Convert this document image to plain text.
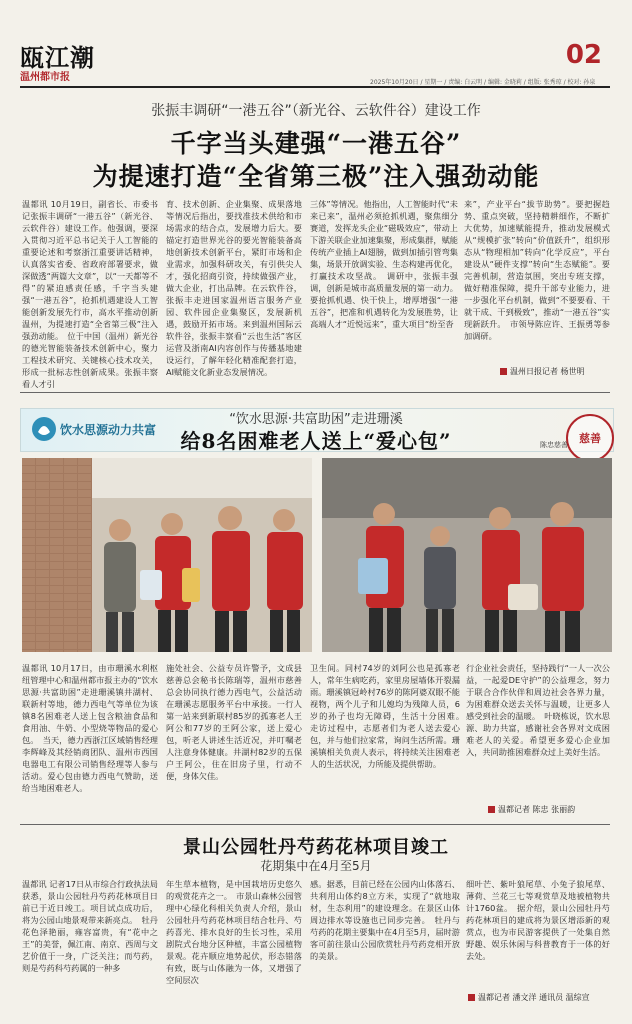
瓯江潮
温州都市报
02
2025年10月20日 / 星期一 / 责编: 白云明 / 编辑: 金晓莉 / 组版: 张秀琼 / 校对: 孙泉
张振丰调研“一港五谷”（新光谷、云软件谷）建设工作
千字当头建强“一港五谷”
为提速打造“全省第三极”注入强劲动能
温都讯 10月19日，副省长、市委书记张振丰调研“一港五谷”（新光谷、云软件谷）建设工作。他强调，要深入贯彻习近平总书记关于人工智能的重要论述和考察浙江重要讲话精神，认真落实省委、省政府部署要求，做深做透“两篇大文章”，以“一天都等不得”的紧迫感责任感，千字当头建强“一港五谷”，抢抓机遇建设人工智能创新发展先行市，高水平推动创新温州，为提速打造“全省第三极”注入强劲动能。　位于中国（温州）新光谷的德光智能装备技术创新中心，聚力工程技术研究、关键核心技术攻关，形成一批标志性创新成果。张振丰察看人才引
育、技术创新、企业集聚、成果落地等情况后指出，要找准技术供给和市场需求的结合点，发展增力后大。要锚定打造世界光谷的要光智能装备高地创新技术创新平台，紧盯市场和企业需求，加强科研攻关，有引供尖人才，强化招商引资，持续做强产业，做大企业，打出品牌。在云软件谷，张振丰走进国家温州语言服务产业园、软件园企业集聚区，发展新机遇，鼓励开拓市场。来到温州国际云软件谷，张振丰察看“云也生活”客区运营及浙南AI内容创作与传播基地建设运行，了解年轻化精准配套打造，AI赋能文化新业态发展情况。
三体”等情况。他指出，人工智能时代“未来已来”，温州必须抢抓机遇，聚焦细分赛道，发挥龙头企业“磁吸效应”，带动上下游关联企业加速集聚，形成集群，赋能传统产业插上AI翅膀，做到加插引管弯集集，场景开放调实验、生态构建再优化，打赢技术攻坚战。　调研中，张振丰强调，创新是城市高质量发展的第一动力。要抢抓机遇、快干快上，增厚增强“一港五谷”，把准和机遇转化为发展胜势，让高端人才“近悦远来”，重大项目“纷至沓
来”，产业平台“拔节助势”。要把握趋势、重点突破，坚持精耕细作，不断扩大优势，加速赋能提升，推动发展模式从“规模扩张”转向“价值跃升”，组织形态从“物理相加”转向“化学反应”，平台建设从“硬件支撑”转向“生态赋能”。要完善机制，营造氛围，突出专班支撑，做好精准保障，提升干部专业能力，进一步强化平台机制，做到“不要要看、干就干成、干到极致”，推动“一港五谷”实现新跃升。　市领导陈应许、王振勇等参加调研。
温州日报记者 杨世明
饮水思源动力共富
慈善
陈忠慈善
“饮水思源·共富助困”走进珊溪
给8名困难老人送上“爱心包”
温都讯 10月17日，由市珊溪水利枢纽管理中心和温州都市报主办的“饮水思源·共富助困”走进珊溪镇井湖村、联新村等地，德力西电气等单位为该镇8名困难老人送上包含粮油食品和食用油、牛奶、小型烧等物品的爱心包。　当天，德力西浙江区域销售经理李辉峰及其经销商团队、温州市西国电器电工有限公司销售经理等人参与活动。爱心包由德力西电气赞助，送给当地困难老人。
施处社会、公益专员许警予，文成县慈善总会秘书长陈瑞等，温州市慈善总会协同执行德力西电气，公益活动在珊溪志愿服务平台中承接。一行人第一站来到新联村85岁的孤寡老人王阿公和77岁的王阿公家，送上爱心包，听老人讲述生活近况，并叮嘱老人注意身体健康。井湖村82岁的五保户王阿公，住在旧房子里，行动不便，身体欠佳。
卫生间。同村74岁的刘阿公也是孤寡老人，常年生病吃药，家里房屋墙体开裂漏雨。珊溪镇冠岭村76岁的陈阿婆双眼不能视物，两个儿子和儿媳均为残障人员，6岁的孙子也均无障碍，生活十分困难。　走访过程中，志愿者们为老人送去爱心包，并与他们拉家常，询问生活所需。珊溪镇相关负责人表示，将持续关注困难老人的生活状况，力所能及提供帮助。
行企业社会责任，坚持践行“一人一次公益，一起爱DE守护”的公益理念，努力于联合合作伙伴和周边社会各界力量，为困难群众送去关怀与温暖，让更多人感受到社会的温暖。　叶晓栋说，饮水思源、助力共富，感谢社会各界对文成困难老人的关爱。希望更多爱心企业加入，共同助推困难群众过上美好生活。
温都记者 陈忠 张丽韵
景山公园牡丹芍药花林项目竣工
花期集中在4月至5月
温都讯 记者17日从市综合行政执法局获悉，景山公园牡丹芍药花林项目日前已于近日竣工。项目试点成功后，将为公园山地景观带来新亮点。　牡丹花色泽艳丽，雍容富贵，有“花中之王”的美誉，佩江南、南京、西周与文艺价值于一身，广泛关注；而芍药，则是芍药科芍药属的一种多
年生草本植物，是中国栽培历史悠久的观赏花卉之一。　市景山森林公园管理中心绿化科相关负责人介绍，景山公园牡丹芍药花林项目结合牡丹、芍药喜光、排水良好的生长习性，采用剧院式台地分区种植，丰富公园植物景观。花卉顺应地势起伏，形态错落有致，既与山体融为一体，又增强了空间层次
感。据悉，目前已经在公园内山体落石、共利用山体约8立方米，实现了“就地取材，生态利用”的建设理念。在景区山体周边排水等设施也已同步完善。　牡丹与芍药的花期主要集中在4月至5月，届时游客可前往景山公园欣赏牡丹芍药竞相开放的美景。
细叶芒、紫叶狼尾草、小兔子狼尾草、薄荷、兰花三七等观赏草及地被植物共计1760盆。　据介绍，景山公园牡丹芍药花林项目的建成将为景区增添新的观赏点，也为市民游客提供了一处集自然野趣、娱乐休闲与科普教育于一体的好去处。
温都记者 潘文洋 通讯员 温综宣
